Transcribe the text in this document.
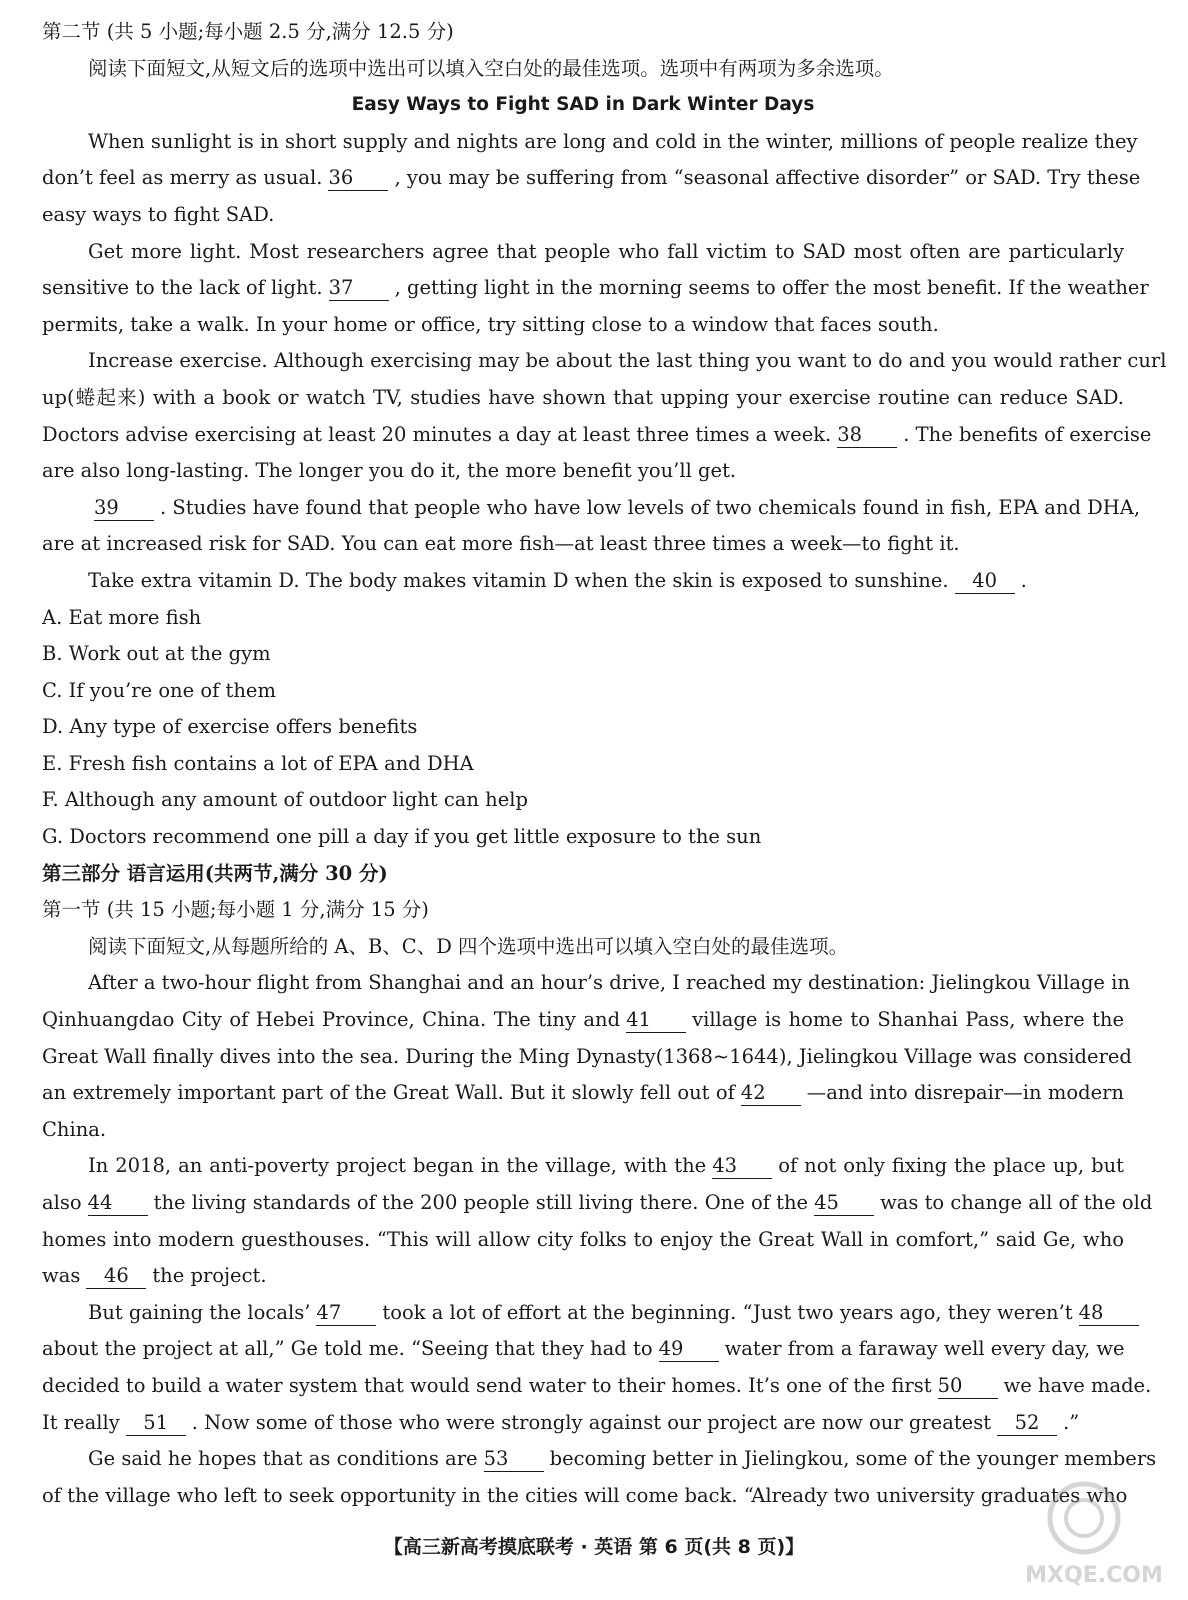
第二节 (共 5 小题;每小题 2.5 分,满分 12.5 分)
阅读下面短文,从短文后的选项中选出可以填入空白处的最佳选项。选项中有两项为多余选项。
Easy Ways to Fight SAD in Dark Winter Days
When sunlight is in short supply and nights are long and cold in the winter, millions of people realize they
don’t feel as merry as usual. 36 , you may be suffering from “seasonal affective disorder” or SAD. Try these
easy ways to fight SAD.
Get more light. Most researchers agree that people who fall victim to SAD most often are particularly
sensitive to the lack of light. 37 , getting light in the morning seems to offer the most benefit. If the weather
permits, take a walk. In your home or office, try sitting close to a window that faces south.
Increase exercise. Although exercising may be about the last thing you want to do and you would rather curl
up(蜷起来) with a book or watch TV, studies have shown that upping your exercise routine can reduce SAD.
Doctors advise exercising at least 20 minutes a day at least three times a week. 38 . The benefits of exercise
are also long-lasting. The longer you do it, the more benefit you’ll get.
39 . Studies have found that people who have low levels of two chemicals found in fish, EPA and DHA,
are at increased risk for SAD. You can eat more fish—at least three times a week—to fight it.
Take extra vitamin D. The body makes vitamin D when the skin is exposed to sunshine. 40 .
A. Eat more fish
B. Work out at the gym
C. If you’re one of them
D. Any type of exercise offers benefits
E. Fresh fish contains a lot of EPA and DHA
F. Although any amount of outdoor light can help
G. Doctors recommend one pill a day if you get little exposure to the sun
第三部分 语言运用(共两节,满分 30 分)
第一节 (共 15 小题;每小题 1 分,满分 15 分)
阅读下面短文,从每题所给的 A、B、C、D 四个选项中选出可以填入空白处的最佳选项。
After a two-hour flight from Shanghai and an hour’s drive, I reached my destination: Jielingkou Village in
Qinhuangdao City of Hebei Province, China. The tiny and 41 village is home to Shanhai Pass, where the
Great Wall finally dives into the sea. During the Ming Dynasty(1368~1644), Jielingkou Village was considered
an extremely important part of the Great Wall. But it slowly fell out of 42 —and into disrepair—in modern
China.
In 2018, an anti-poverty project began in the village, with the 43 of not only fixing the place up, but
also 44 the living standards of the 200 people still living there. One of the 45 was to change all of the old
homes into modern guesthouses. “This will allow city folks to enjoy the Great Wall in comfort,” said Ge, who
was 46 the project.
But gaining the locals’ 47 took a lot of effort at the beginning. “Just two years ago, they weren’t 48
about the project at all,” Ge told me. “Seeing that they had to 49 water from a faraway well every day, we
decided to build a water system that would send water to their homes. It’s one of the first 50 we have made.
It really 51 . Now some of those who were strongly against our project are now our greatest 52 .”
Ge said he hopes that as conditions are 53 becoming better in Jielingkou, some of the younger members
of the village who left to seek opportunity in the cities will come back. “Already two university graduates who
【高三新高考摸底联考 · 英语 第 6 页(共 8 页)】
MXQE.COM
